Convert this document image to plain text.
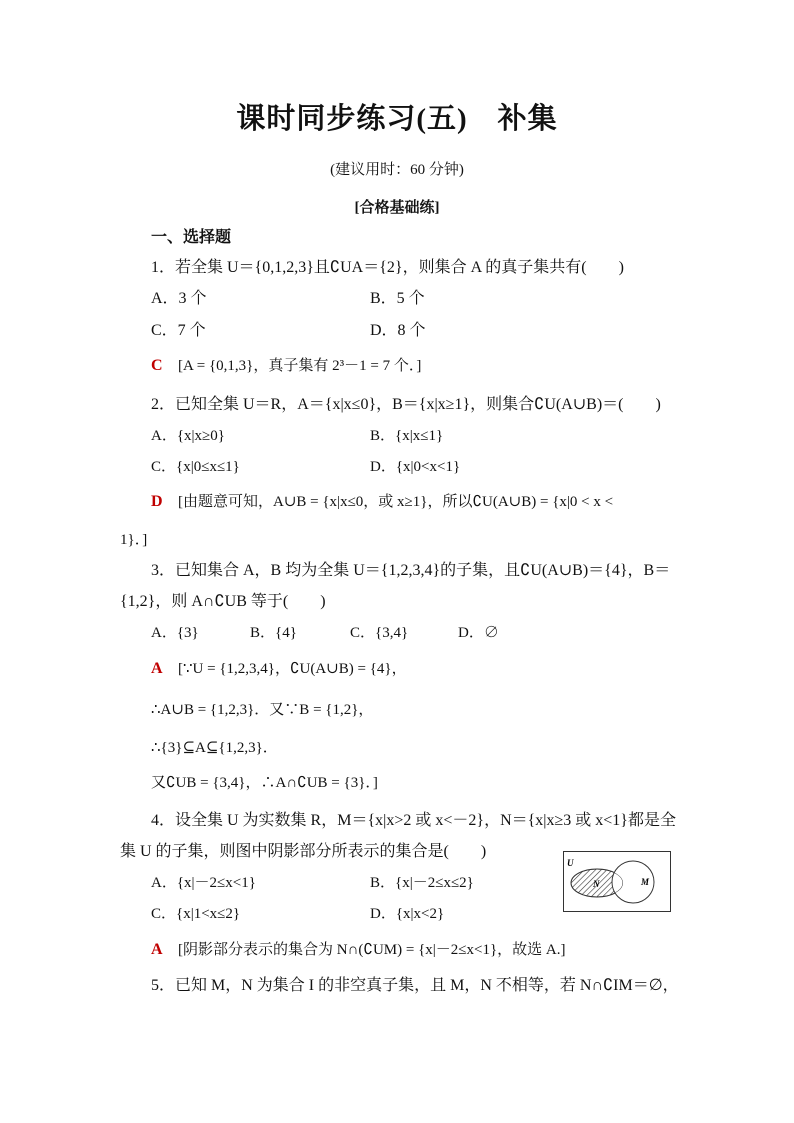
课时同步练习(五)　补集
(建议用时：60 分钟)
[合格基础练]
一、选择题
1．若全集 U＝{0,1,2,3}且∁UA＝{2}，则集合 A 的真子集共有(　　)
A．3 个	B．5 个
C．7 个	D．8 个
C [A = {0,1,3}，真子集有 2³－1 = 7 个．]
2．已知全集 U＝R，A＝{x|x≤0}，B＝{x|x≥1}，则集合∁U(A∪B)＝(　　)
A．{x|x≥0}	B．{x|x≤1}
C．{x|0≤x≤1}	D．{x|0<x<1}
D [由题意可知，A∪B = {x|x≤0，或 x≥1}，所以∁U(A∪B) = {x|0 < x <
1}．]
3．已知集合 A，B 均为全集 U＝{1,2,3,4}的子集，且∁U(A∪B)＝{4}，B＝
{1,2}，则 A∩∁UB 等于(　　)
A．{3}	B．{4}	C．{3,4}	D．∅
A [∵U = {1,2,3,4}，∁U(A∪B) = {4}，
∴A∪B = {1,2,3}．又∵B = {1,2}，
∴{3}⊆A⊆{1,2,3}．
又∁UB = {3,4}，∴A∩∁UB = {3}．]
4．设全集 U 为实数集 R，M＝{x|x>2 或 x<－2}，N＝{x|x≥3 或 x<1}都是全
集 U 的子集，则图中阴影部分所表示的集合是(　　)
A．{x|－2≤x<1}	B．{x|－2≤x≤2}
C．{x|1<x≤2}	D．{x|x<2}
U
N	M
A [阴影部分表示的集合为 N∩(∁UM) = {x|－2≤x<1}，故选 A.]
5．已知 M，N 为集合 I 的非空真子集，且 M，N 不相等，若 N∩∁IM＝∅，
